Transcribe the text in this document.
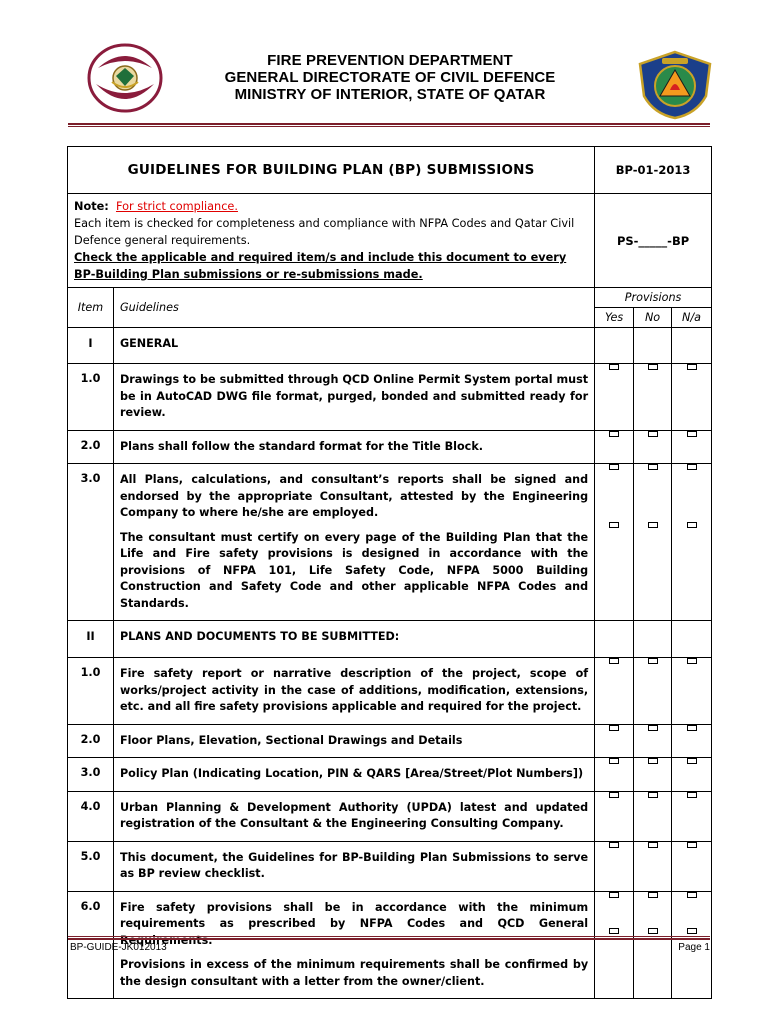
FIRE PREVENTION DEPARTMENT
GENERAL DIRECTORATE OF CIVIL DEFENCE
MINISTRY OF INTERIOR, STATE OF QATAR
GUIDELINES FOR BUILDING PLAN (BP) SUBMISSIONS		BP-01-2013		

Note: For strict compliance.
Each item is checked for completeness and compliance with NFPA Codes and Qatar Civil Defence general requirements.
Check the applicable and required item/s and include this document to every BP-Building Plan submissions or re-submissions made.		PS-_____-BP		
Item	Guidelines	Provisions		
		Yes	No	N/a
I	GENERAL			
1.0	Drawings to be submitted through QCD Online Permit System portal must be in AutoCAD DWG file format, purged, bonded and submitted ready for review.			

2.0	Plans shall follow the standard format for the Title Block.			

3.0	All Plans, calculations, and consultant’s reports shall be signed and endorsed by the appropriate Consultant, attested by the Engineering Company to where he/she are employed.

The consultant must certify on every page of the Building Plan that the Life and Fire safety provisions is designed in accordance with the provisions of NFPA 101, Life Safety Code, NFPA 5000 Building Construction and Safety Code and other applicable NFPA Codes and Standards.			

II	PLANS AND DOCUMENTS TO BE SUBMITTED:			
1.0	Fire safety report or narrative description of the project, scope of works/project activity in the case of additions, modification, extensions, etc. and all fire safety provisions applicable and required for the project.			

2.0	Floor Plans, Elevation, Sectional Drawings and Details			

3.0	Policy Plan (Indicating Location, PIN & QARS [Area/Street/Plot Numbers])			

4.0	Urban Planning & Development Authority (UPDA) latest and updated registration of the Consultant & the Engineering Consulting Company.			

5.0	This document, the Guidelines for BP-Building Plan Submissions to serve as BP review checklist.			

6.0	Fire safety provisions shall be in accordance with the minimum requirements as prescribed by NFPA Codes and QCD General Requirements.

Provisions in excess of the minimum requirements shall be confirmed by the design consultant with a letter from the owner/client.			

BP-GUIDE-JK012013	Page 1
